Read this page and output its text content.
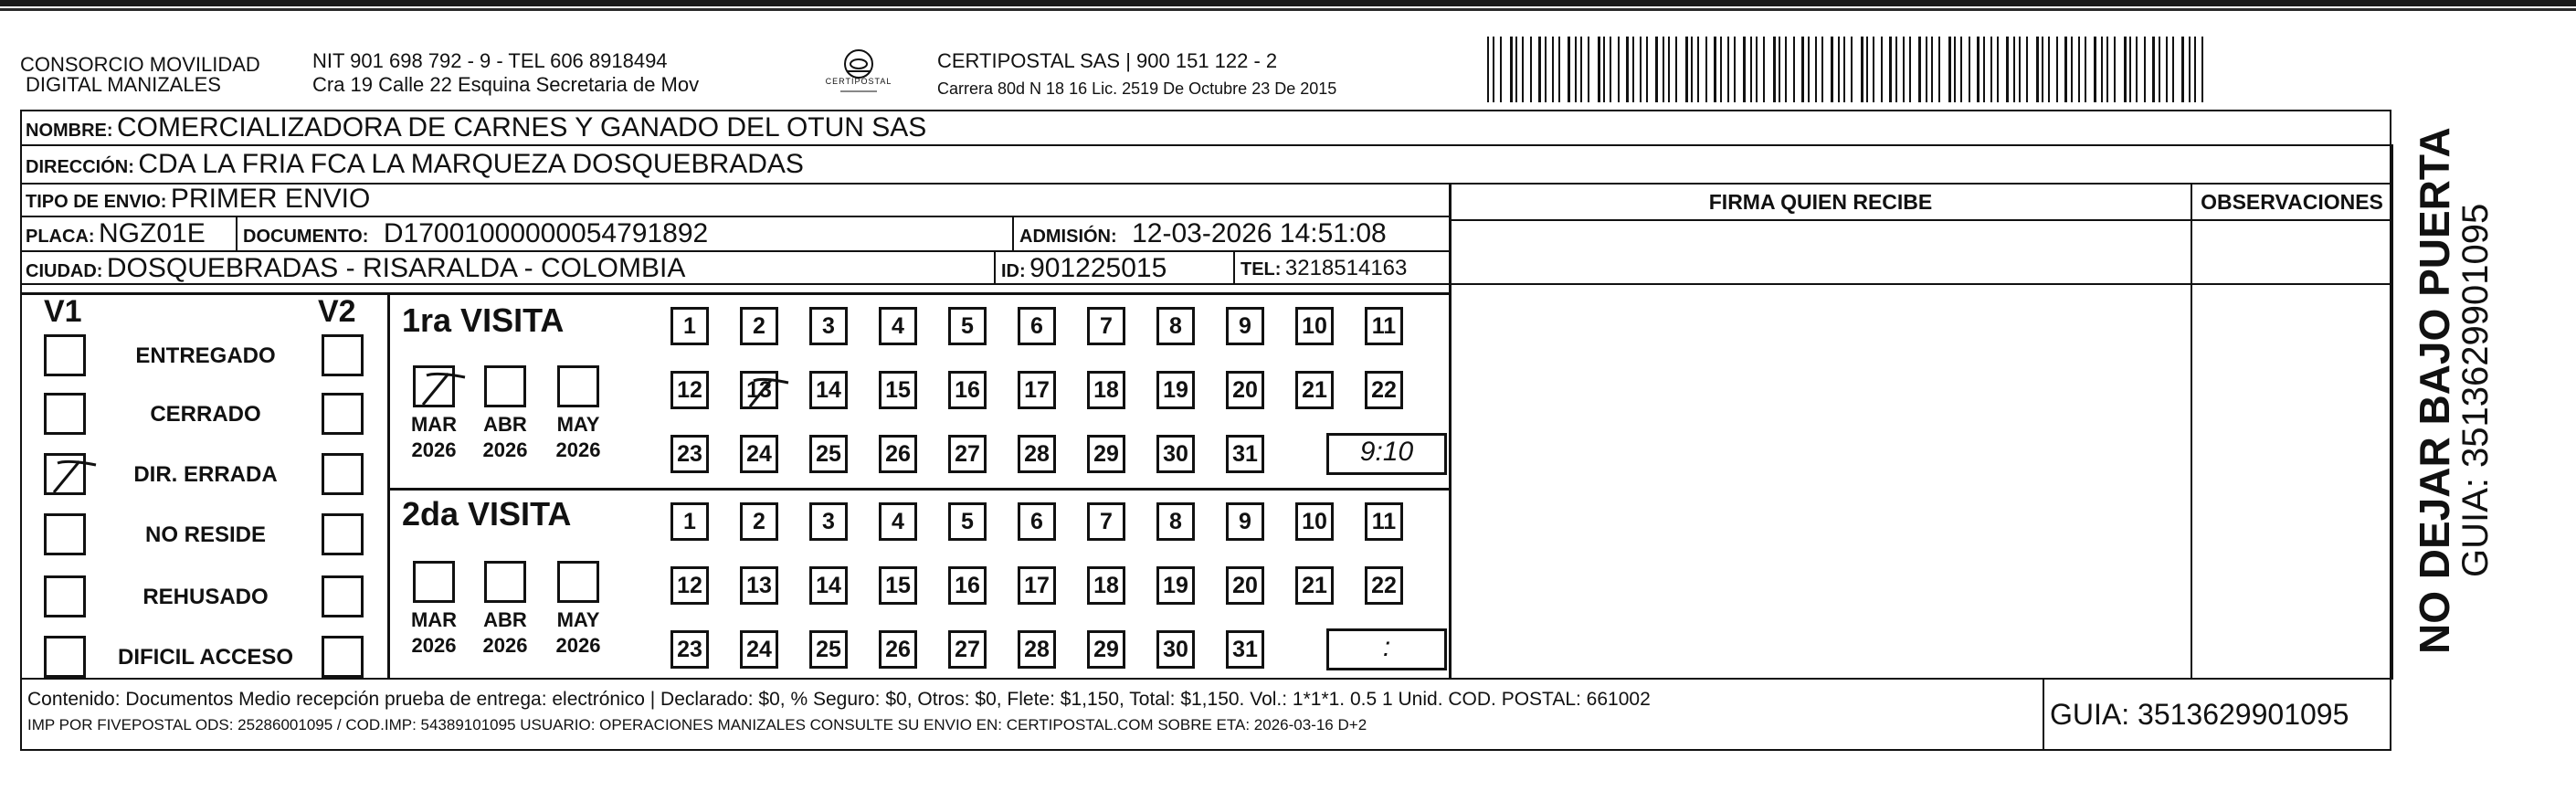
CONSORCIO MOVILIDAD
DIGITAL MANIZALES
NIT 901 698 792 - 9 - TEL 606 8918494
Cra 19 Calle 22 Esquina Secretaria de Mov	CERTIPOSTAL
CERTIPOSTAL SAS | 900 151 122 - 2
Carrera 80d N 18 16 Lic. 2519 De Octubre 23 De 2015
NOMBRE: COMERCIALIZADORA DE CARNES Y GANADO DEL OTUN SAS
DIRECCIÓN: CDA LA FRIA FCA LA MARQUEZA DOSQUEBRADAS
TIPO DE ENVIO: PRIMER ENVIO
PLACA: NGZ01E DOCUMENTO: D17001000000054791892	ADMISIÓN: 12-03-2026 14:51:08
CIUDAD: DOSQUEBRADAS - RISARALDA - COLOMBIA	ID: 901225015	TEL: 3218514163
FIRMA QUIEN RECIBE	OBSERVACIONES
V1	V2
ENTREGADO
CERRADO
DIR. ERRADA
NO RESIDE
REHUSADO
DIFICIL ACCESO
1ra VISITA
MAR
2026
ABR
2026
MAY
2026
1	2	3	4	5	6	7	8	9	10	11
12 13 14 15 16 17 18 19 20 21 22
23 24 25 26 27 28 29 30 31	9:10
2da VISITA
MAR
2026
ABR
2026
MAY
2026
1	2	3	4	5	6	7	8	9	10	11
12 13 14 15 16 17 18 19 20 21 22
23 24 25 26 27 28 29 30 31	:
Contenido: Documentos Medio recepción prueba de entrega: electrónico | Declarado: $0, % Seguro: $0, Otros: $0, Flete: $1,150, Total: $1,150. Vol.: 1*1*1. 0.5 1 Unid. COD. POSTAL: 661002
IMP POR FIVEPOSTAL ODS: 25286001095 / COD.IMP: 54389101095 USUARIO: OPERACIONES MANIZALES CONSULTE SU ENVIO EN: CERTIPOSTAL.COM SOBRE ETA: 2026-03-16 D+2	GUIA: 3513629901095
NO DEJAR BAJO PUERTA
GUIA: 3513629901095
